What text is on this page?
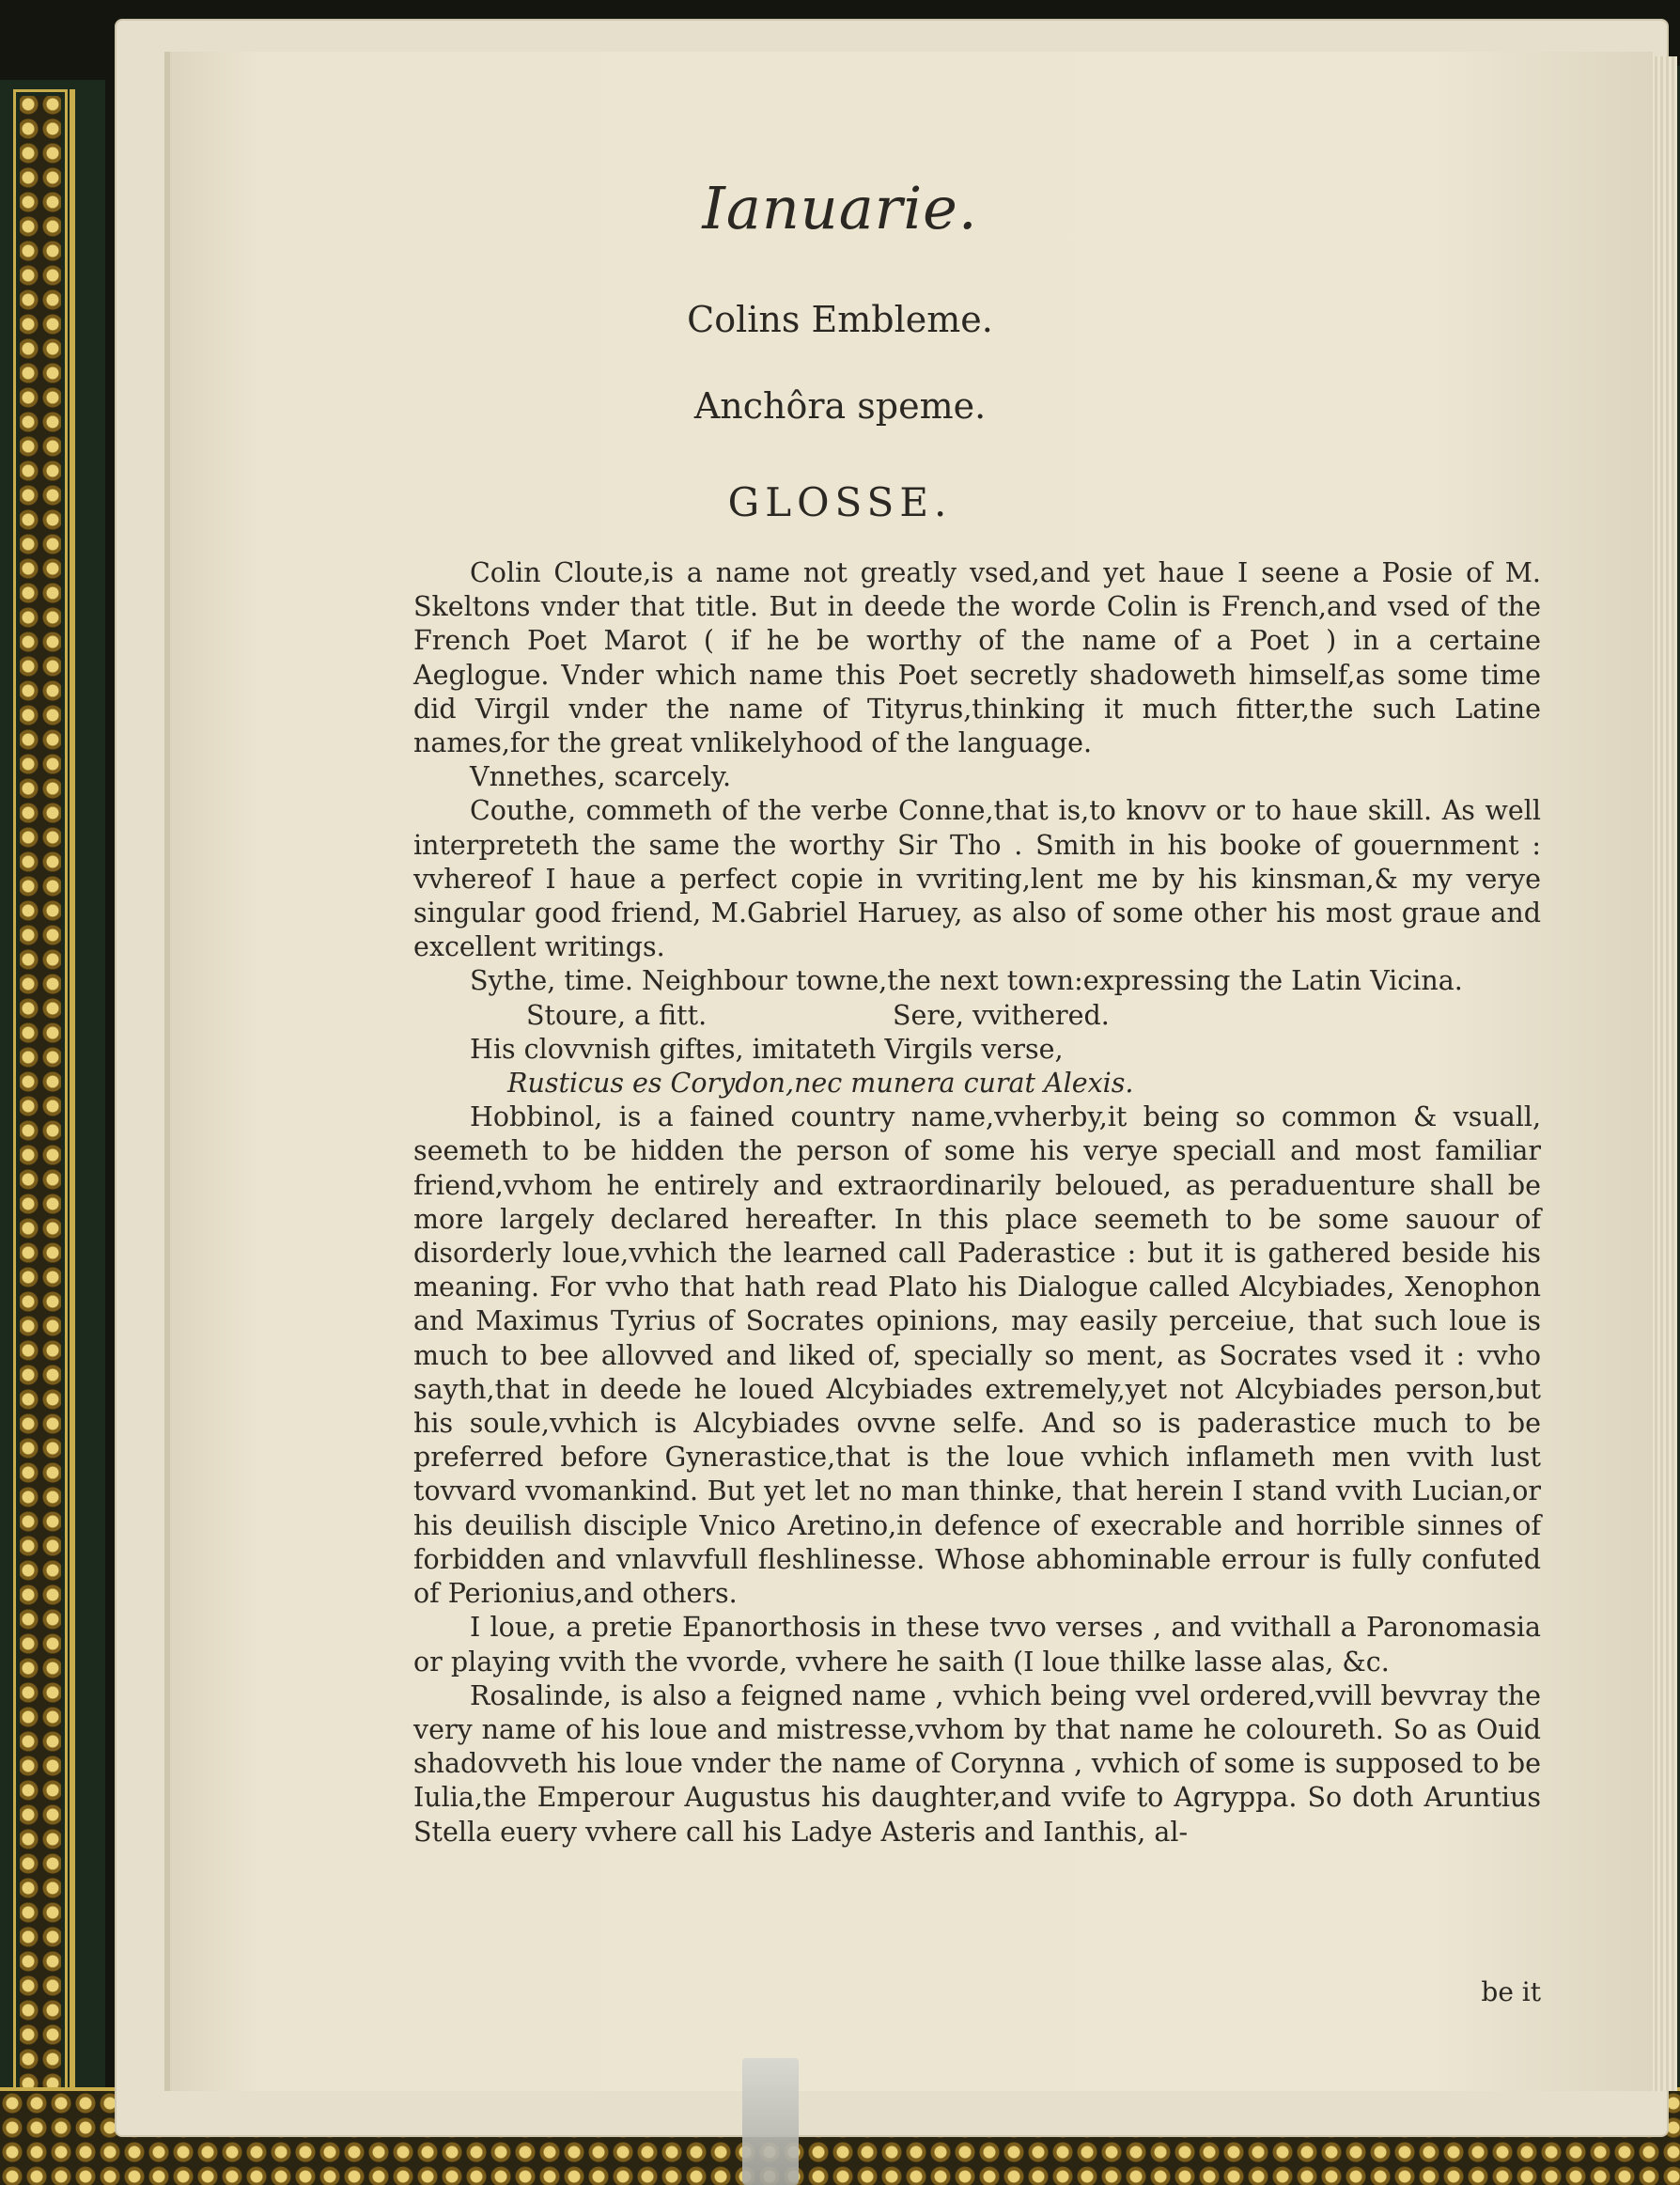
Ianuarie.
Colins Embleme.
Anchôra speme.
GLOSSE.

Colin Cloute,is a name not greatly vsed,and yet haue I seene a Posie of M. Skeltons vnder that title. But in deede the worde Colin is French,and vsed of the French Poet Marot ( if he be worthy of the name of a Poet ) in a certaine Aeglogue. Vnder which name this Poet secretly shadoweth himself,as some time did Virgil vnder the name of Tityrus,thinking it much fitter,the such Latine names,for the great vnlikelyhood of the language.

Vnnethes, scarcely.

Couthe, commeth of the verbe Conne,that is,to knovv or to haue skill. As well interpreteth the same the worthy Sir Tho . Smith in his booke of gouernment : vvhereof I haue a perfect copie in vvriting,lent me by his kinsman,& my verye singular good friend, M.Gabriel Haruey, as also of some other his most graue and excellent writings.

Sythe, time. Neighbour towne,the next town:expressing the Latin Vicina.

Stoure, a fitt.	Sere, vvithered.

His clovvnish giftes, imitateth Virgils verse,

Rusticus es Corydon,nec munera curat Alexis.

Hobbinol, is a fained country name,vvherby,it being so common & vsuall, seemeth to be hidden the person of some his verye speciall and most familiar friend,vvhom he entirely and extraordinarily beloued, as peraduenture shall be more largely declared hereafter. In this place seemeth to be some sauour of disorderly loue,vvhich the learned call Paderastice : but it is gathered beside his meaning. For vvho that hath read Plato his Dialogue called Alcybiades, Xenophon and Maximus Tyrius of Socrates opinions, may easily perceiue, that such loue is much to bee allovved and liked of, specially so ment, as Socrates vsed it : vvho sayth,that in deede he loued Alcybiades extremely,yet not Alcybiades person,but his soule,vvhich is Alcybiades ovvne selfe. And so is paderastice much to be preferred before Gynerastice,that is the loue vvhich inflameth men vvith lust tovvard vvomankind. But yet let no man thinke, that herein I stand vvith Lucian,or his deuilish disciple Vnico Aretino,in defence of execrable and horrible sinnes of forbidden and vnlavvfull fleshlinesse. Whose abhominable errour is fully confuted of Perionius,and others.

I loue, a pretie Epanorthosis in these tvvo verses , and vvithall a Paronomasia or playing vvith the vvorde, vvhere he saith (I loue thilke lasse alas, &c.

Rosalinde, is also a feigned name , vvhich being vvel ordered,vvill bevvray the very name of his loue and mistresse,vvhom by that name he coloureth. So as Ouid shadovveth his loue vnder the name of Corynna , vvhich of some is supposed to be Iulia,the Emperour Augustus his daughter,and vvife to Agryppa. So doth Aruntius Stella euery vvhere call his Ladye Asteris and Ianthis, al-

be it
